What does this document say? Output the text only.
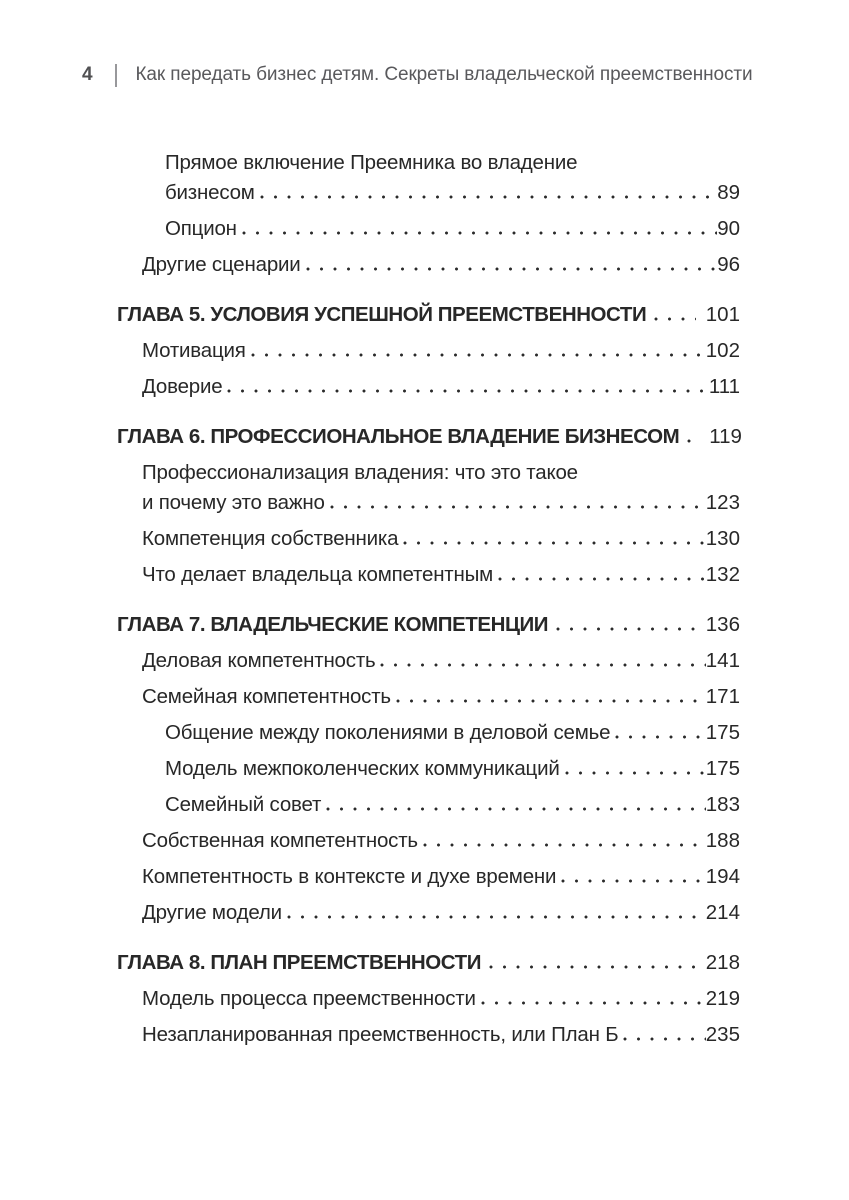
4 Как передать бизнес детям. Секреты владельческой преемственности
Прямое включение Преемника во владение
бизнесом	89
Опцион	90
Другие сценарии	96
ГЛАВА 5. УСЛОВИЯ УСПЕШНОЙ ПРЕЕМСТВЕННОСТИ	101
Мотивация	102
Доверие	111
ГЛАВА 6. ПРОФЕССИОНАЛЬНОЕ ВЛАДЕНИЕ БИЗНЕСОМ	119
Профессионализация владения: что это такое
и почему это важно	123
Компетенция собственника	130
Что делает владельца компетентным	132
ГЛАВА 7. ВЛАДЕЛЬЧЕСКИЕ КОМПЕТЕНЦИИ	136
Деловая компетентность	141
Семейная компетентность	171
Общение между поколениями в деловой семье	175
Модель межпоколенческих коммуникаций	175
Семейный совет	183
Собственная компетентность	188
Компетентность в контексте и духе времени	194
Другие модели	214
ГЛАВА 8. ПЛАН ПРЕЕМСТВЕННОСТИ	218
Модель процесса преемственности	219
Незапланированная преемственность, или План Б	235
